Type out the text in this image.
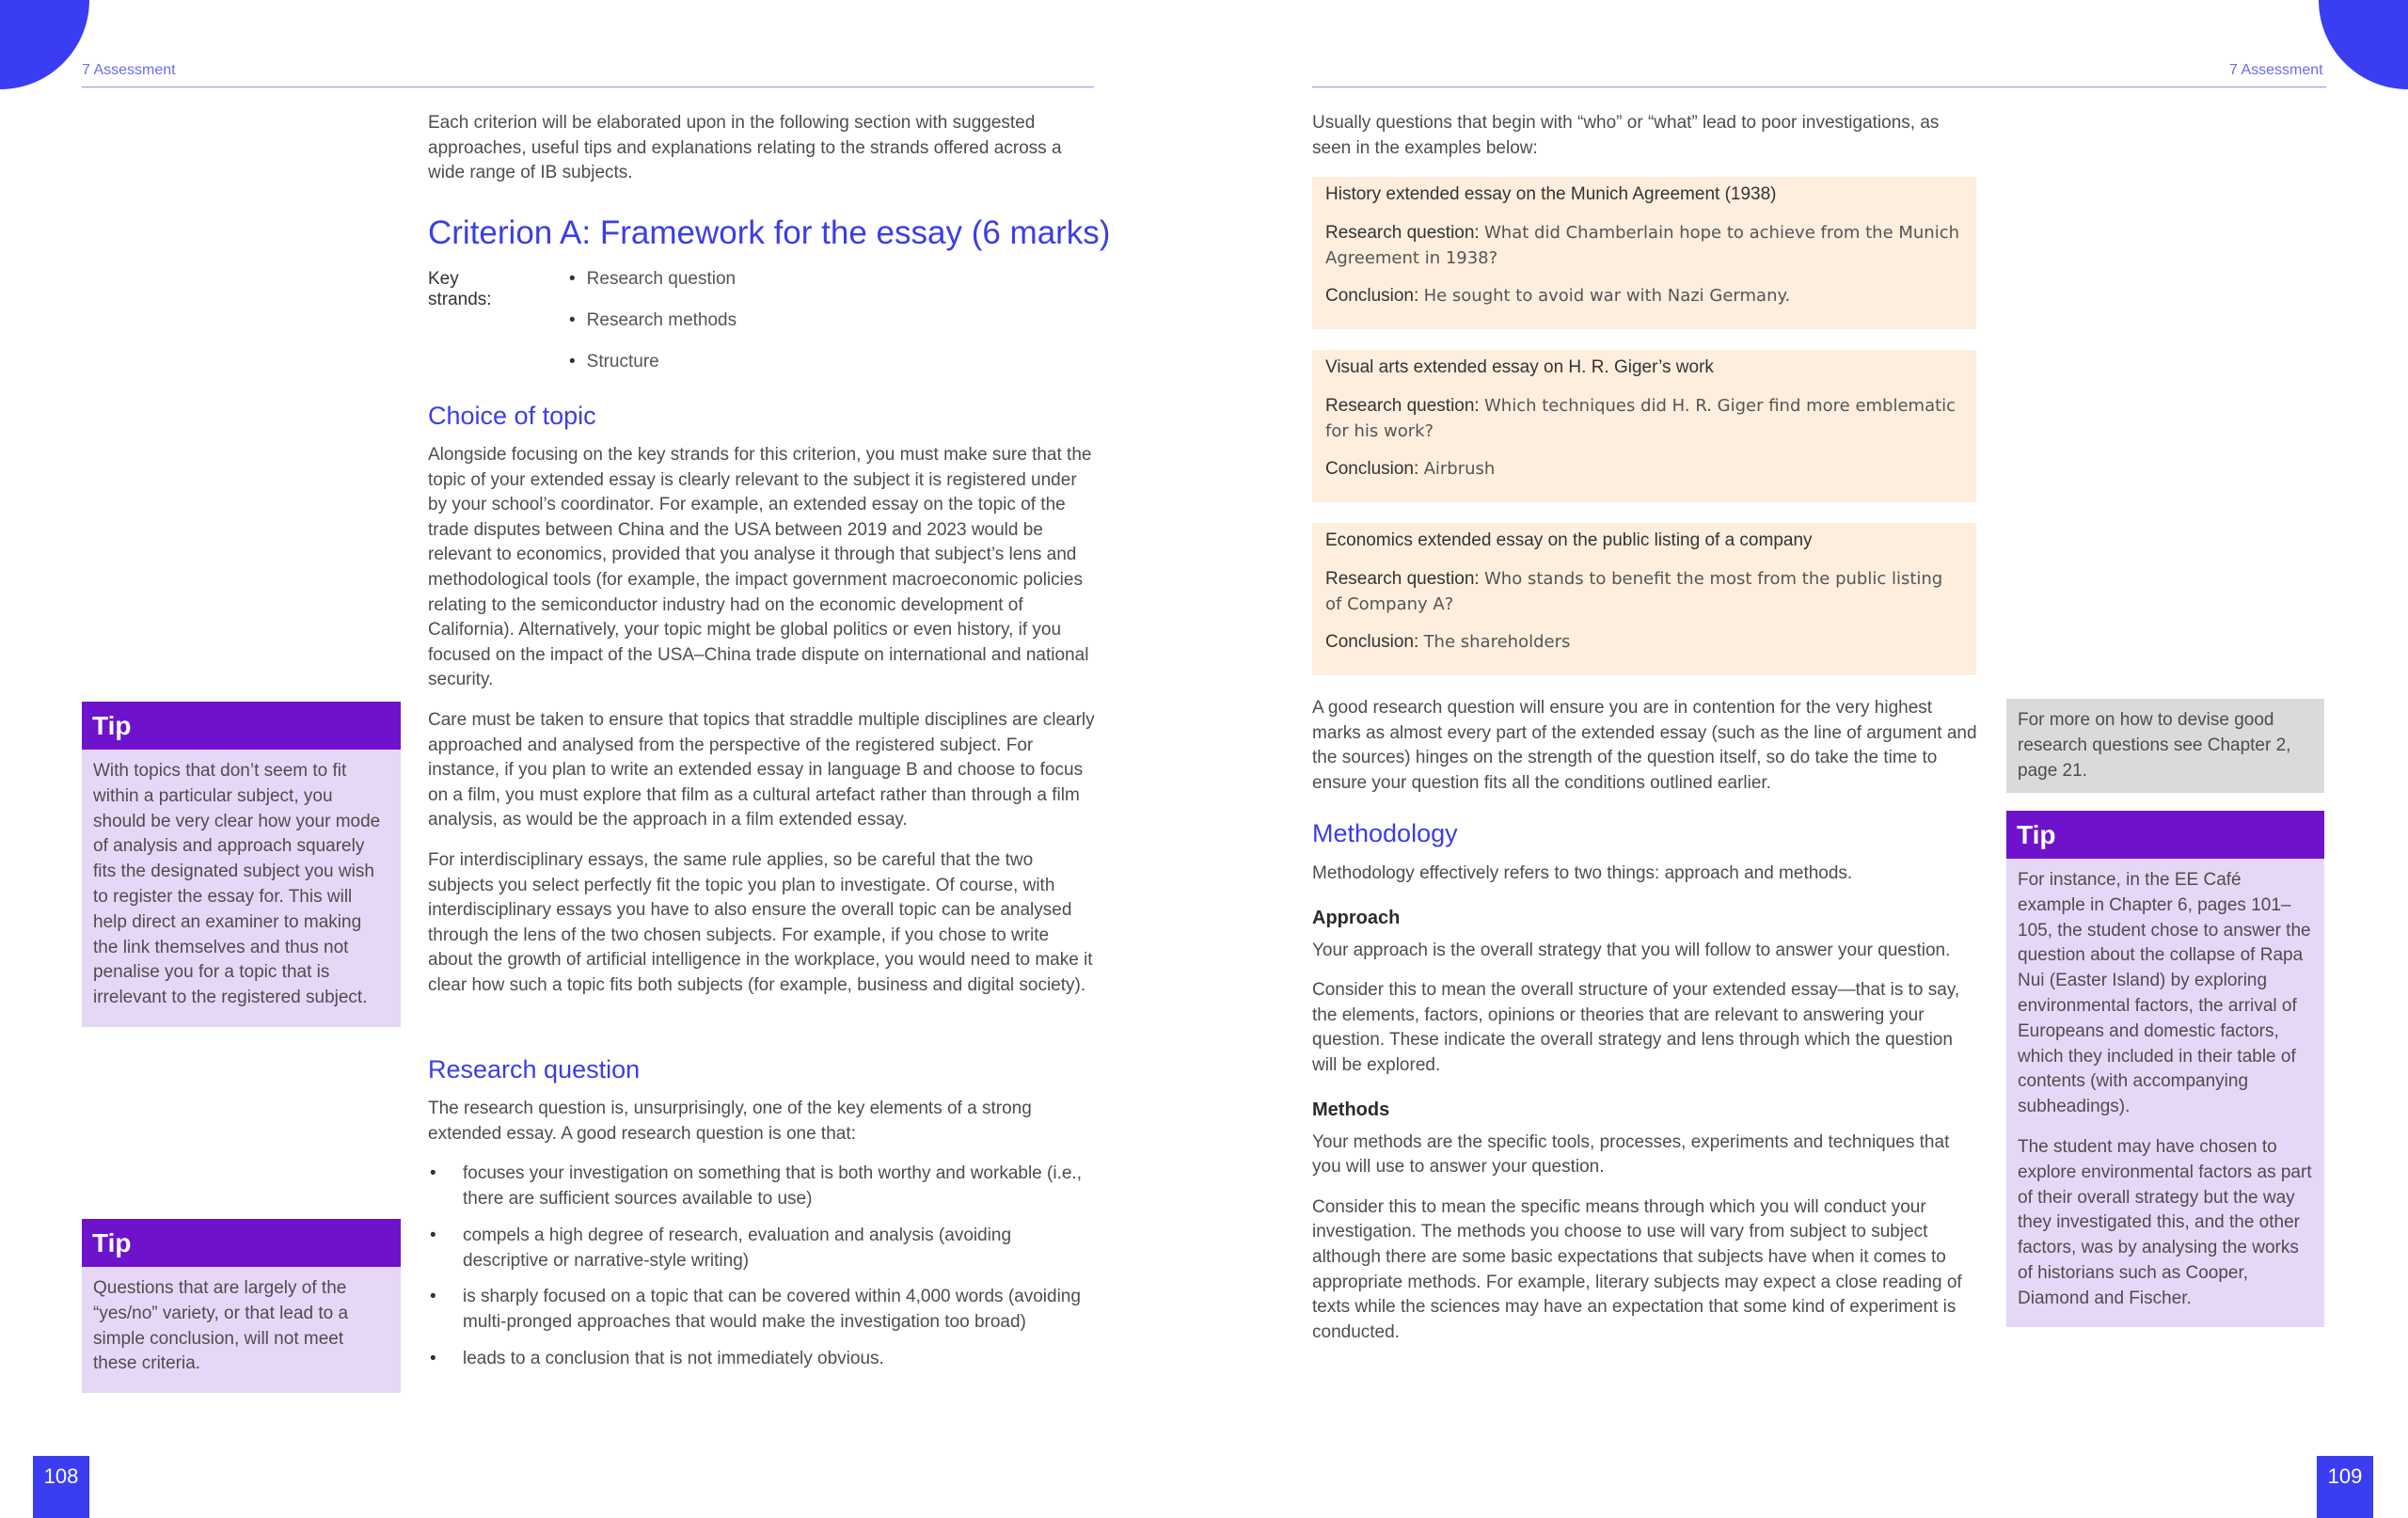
7 Assessment	7 Assessment

Each criterion will be elaborated upon in the following section with suggested approaches, useful tips and explanations relating to the strands offered across a wide range of IB subjects.

Criterion A: Framework for the essay (6 marks)
Key strands:
• Research question
• Research methods
• Structure
Choice of topic

Alongside focusing on the key strands for this criterion, you must make sure that the topic of your extended essay is clearly relevant to the subject it is registered under by your school’s coordinator. For example, an extended essay on the topic of the trade disputes between China and the USA between 2019 and 2023 would be relevant to economics, provided that you analyse it through that subject’s lens and methodological tools (for example, the impact government macroeconomic policies relating to the semiconductor industry had on the economic development of California). Alternatively, your topic might be global politics or even history, if you focused on the impact of the USA–China trade dispute on international and national security.

Care must be taken to ensure that topics that straddle multiple disciplines are clearly approached and analysed from the perspective of the registered subject. For instance, if you plan to write an extended essay in language B and choose to focus on a film, you must explore that film as a cultural artefact rather than through a film analysis, as would be the approach in a film extended essay.

For interdisciplinary essays, the same rule applies, so be careful that the two subjects you select perfectly fit the topic you plan to investigate. Of course, with interdisciplinary essays you have to also ensure the overall topic can be analysed through the lens of the two chosen subjects. For example, if you chose to write about the growth of artificial intelligence in the workplace, you would need to make it clear how such a topic fits both subjects (for example, business and digital society).

Research question

The research question is, unsurprisingly, one of the key elements of a strong extended essay. A good research question is one that:

• focuses your investigation on something that is both worthy and workable (i.e., there are sufficient sources available to use)
• compels a high degree of research, evaluation and analysis (avoiding descriptive or narrative-style writing)
• is sharply focused on a topic that can be covered within 4,000 words (avoiding multi-pronged approaches that would make the investigation too broad)
• leads to a conclusion that is not immediately obvious.
Tip

With topics that don’t seem to fit within a particular subject, you should be very clear how your mode of analysis and approach squarely fits the designated subject you wish to register the essay for. This will help direct an examiner to making the link themselves and thus not penalise you for a topic that is irrelevant to the registered subject.

Tip

Questions that are largely of the “yes/no” variety, or that lead to a simple conclusion, will not meet these criteria.

108

Usually questions that begin with “who” or “what” lead to poor investigations, as seen in the examples below:

History extended essay on the Munich Agreement (1938)

Research question: What did Chamberlain hope to achieve from the Munich Agreement in 1938?

Conclusion: He sought to avoid war with Nazi Germany.

Visual arts extended essay on H. R. Giger’s work

Research question: Which techniques did H. R. Giger find more emblematic for his work?

Conclusion: Airbrush

Economics extended essay on the public listing of a company

Research question: Who stands to benefit the most from the public listing of Company A?

Conclusion: The shareholders

A good research question will ensure you are in contention for the very highest marks as almost every part of the extended essay (such as the line of argument and the sources) hinges on the strength of the question itself, so do take the time to ensure your question fits all the conditions outlined earlier.

Methodology

Methodology effectively refers to two things: approach and methods.

Approach

Your approach is the overall strategy that you will follow to answer your question.

Consider this to mean the overall structure of your extended essay—that is to say, the elements, factors, opinions or theories that are relevant to answering your question. These indicate the overall strategy and lens through which the question will be explored.

Methods

Your methods are the specific tools, processes, experiments and techniques that you will use to answer your question.

Consider this to mean the specific means through which you will conduct your investigation. The methods you choose to use will vary from subject to subject although there are some basic expectations that subjects have when it comes to appropriate methods. For example, literary subjects may expect a close reading of texts while the sciences may have an expectation that some kind of experiment is conducted.

For more on how to devise good research questions see Chapter 2, page 21.
Tip

For instance, in the EE Café example in Chapter 6, pages 101–105, the student chose to answer the question about the collapse of Rapa Nui (Easter Island) by exploring environmental factors, the arrival of Europeans and domestic factors, which they included in their table of contents (with accompanying subheadings).

The student may have chosen to explore environmental factors as part of their overall strategy but the way they investigated this, and the other factors, was by analysing the works of historians such as Cooper, Diamond and Fischer.

109
